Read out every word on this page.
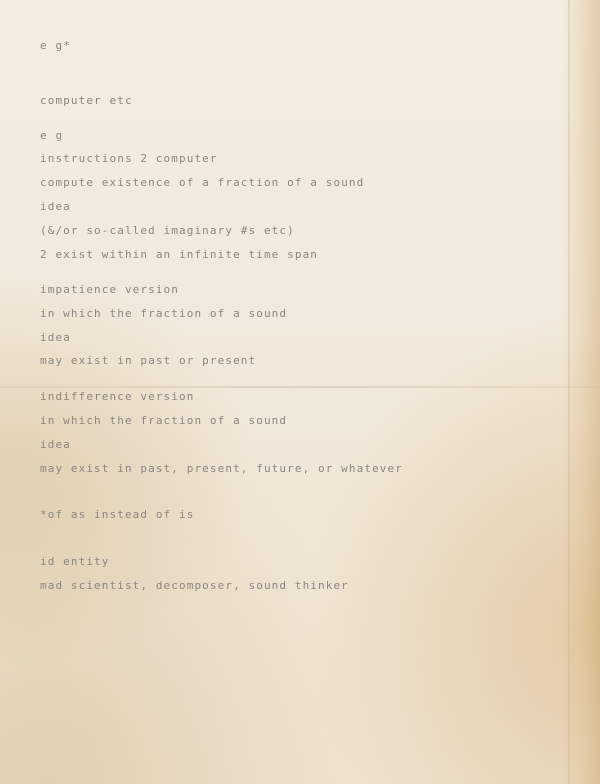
e g*

computer etc

e g

instructions 2 computer

compute existence of a fraction of a sound

idea

(&/or so-called imaginary #s etc)

2 exist within an infinite time span

impatience version

in which the fraction of a sound

idea

may exist in past or present

indifference version

in which the fraction of a sound

idea

may exist in past, present, future, or whatever

*of as instead of is

id entity

mad scientist, decomposer, sound thinker
